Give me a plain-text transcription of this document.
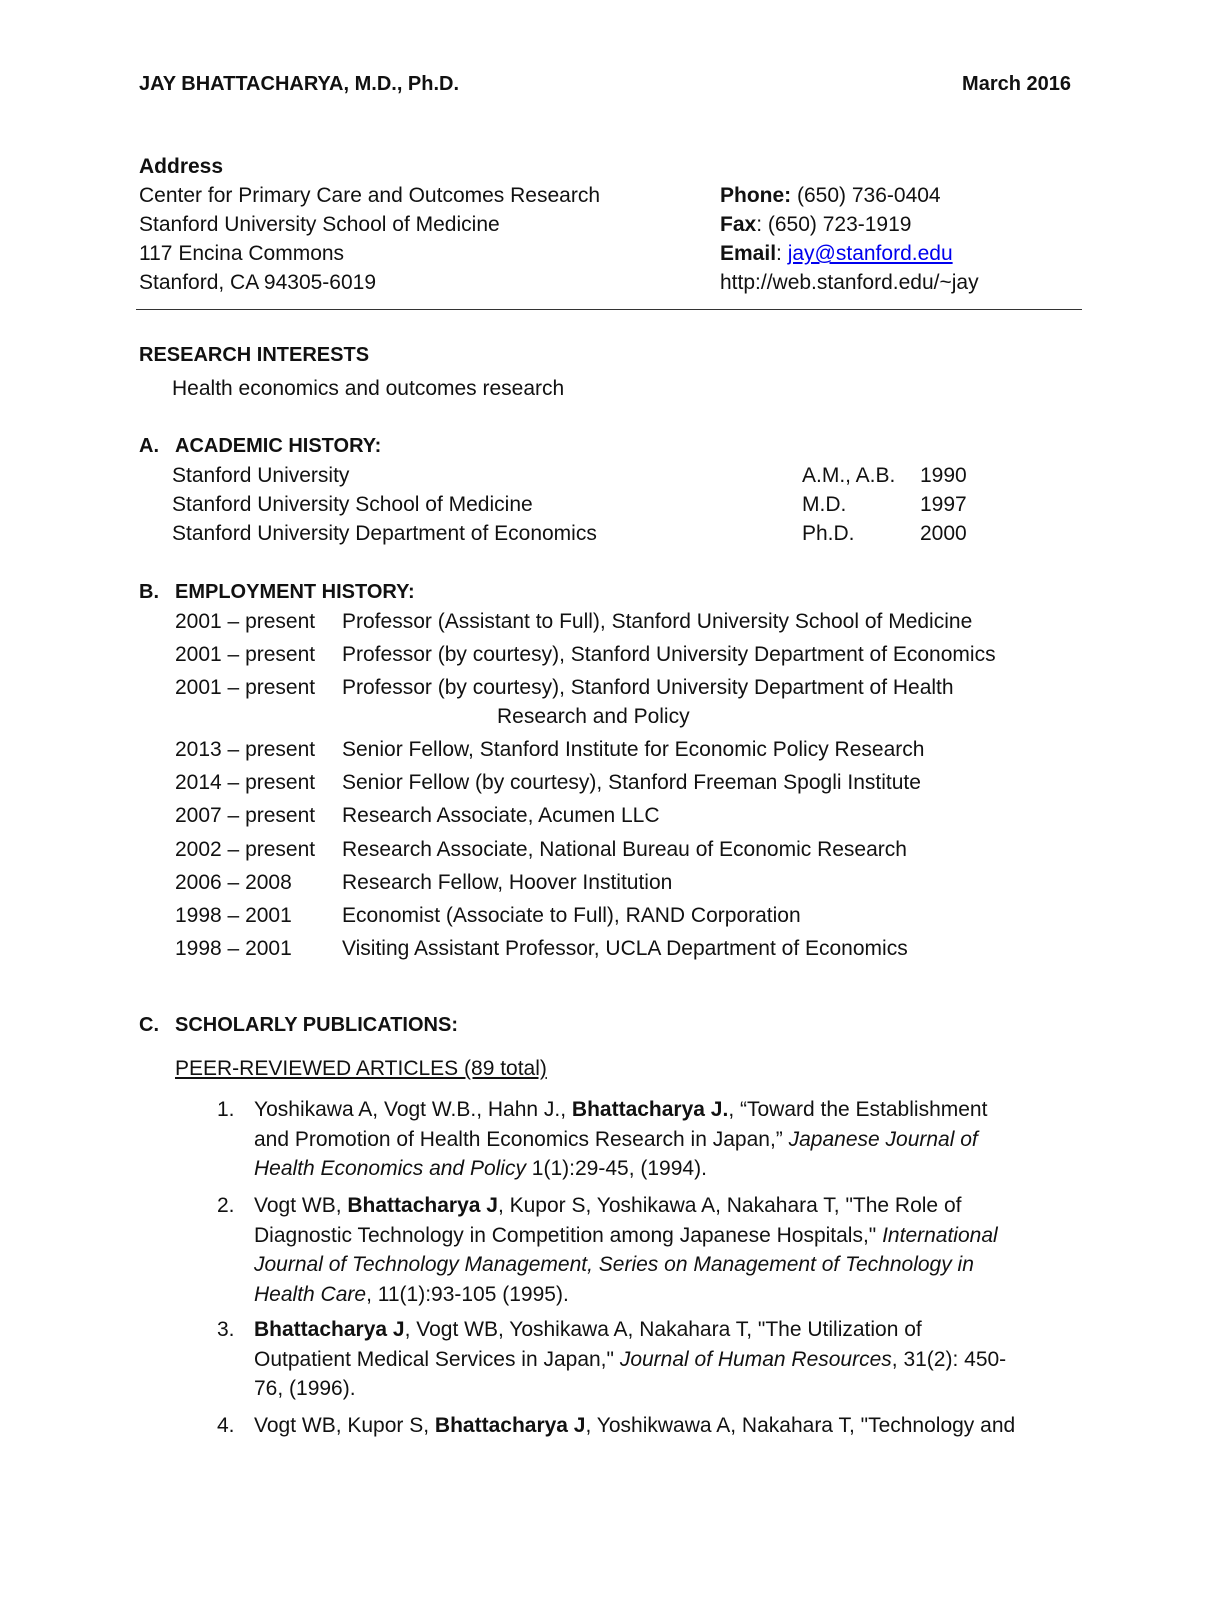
JAY BHATTACHARYA, M.D., Ph.D.	March 2016
Address
Center for Primary Care and Outcomes Research
Stanford University School of Medicine
117 Encina Commons
Stanford, CA 94305-6019
Phone: (650) 736-0404
Fax: (650) 723-1919
Email: jay@stanford.edu
http://web.stanford.edu/~jay
RESEARCH INTERESTS
Health economics and outcomes research
A. ACADEMIC HISTORY:
Stanford University	A.M., A.B. 1990
Stanford University School of Medicine	M.D.	1997
Stanford University Department of Economics	Ph.D.	2000
B. EMPLOYMENT HISTORY:
2001 – present Professor (Assistant to Full), Stanford University School of Medicine
2001 – present Professor (by courtesy), Stanford University Department of Economics
2001 – present Professor (by courtesy), Stanford University Department of Health
Research and Policy
2013 – present Senior Fellow, Stanford Institute for Economic Policy Research
2014 – present Senior Fellow (by courtesy), Stanford Freeman Spogli Institute
2007 – present Research Associate, Acumen LLC
2002 – present Research Associate, National Bureau of Economic Research
2006 – 2008 Research Fellow, Hoover Institution
1998 – 2001 Economist (Associate to Full), RAND Corporation
1998 – 2001 Visiting Assistant Professor, UCLA Department of Economics
C. SCHOLARLY PUBLICATIONS:
PEER-REVIEWED ARTICLES (89 total)
1. Yoshikawa A, Vogt W.B., Hahn J., Bhattacharya J., “Toward the Establishment
and Promotion of Health Economics Research in Japan,” Japanese Journal of
Health Economics and Policy 1(1):29-45, (1994).
2. Vogt WB, Bhattacharya J, Kupor S, Yoshikawa A, Nakahara T, "The Role of
Diagnostic Technology in Competition among Japanese Hospitals," International
Journal of Technology Management, Series on Management of Technology in
Health Care, 11(1):93-105 (1995).
3. Bhattacharya J, Vogt WB, Yoshikawa A, Nakahara T, "The Utilization of
Outpatient Medical Services in Japan," Journal of Human Resources, 31(2): 450-
76, (1996).
4. Vogt WB, Kupor S, Bhattacharya J, Yoshikwawa A, Nakahara T, "Technology and
